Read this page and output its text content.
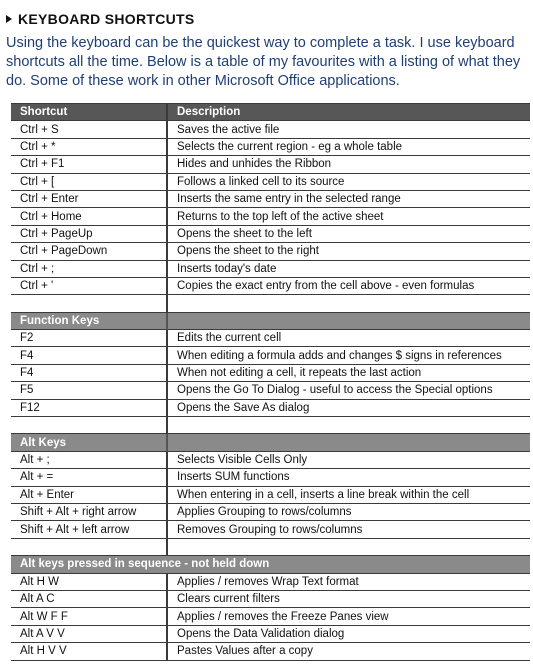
KEYBOARD SHORTCUTS
Using the keyboard can be the quickest way to complete a task. I use keyboard shortcuts all the time. Below is a table of my favourites with a listing of what they do. Some of these work in other Microsoft Office applications.
Shortcut	Description
Ctrl + S	Saves the active file
Ctrl + *	Selects the current region - eg a whole table
Ctrl + F1	Hides and unhides the Ribbon
Ctrl + [	Follows a linked cell to its source
Ctrl + Enter	Inserts the same entry in the selected range
Ctrl + Home	Returns to the top left of the active sheet
Ctrl + PageUp	Opens the sheet to the left
Ctrl + PageDown	Opens the sheet to the right
Ctrl + ;	Inserts today's date
Ctrl + '	Copies the exact entry from the cell above - even formulas

Function Keys	
F2	Edits the current cell
F4	When editing a formula adds and changes $ signs in references
F4	When not editing a cell, it repeats the last action
F5	Opens the Go To Dialog - useful to access the Special options
F12	Opens the Save As dialog

Alt Keys	
Alt + ;	Selects Visible Cells Only
Alt + =	Inserts SUM functions
Alt + Enter	When entering in a cell, inserts a line break within the cell
Shift + Alt + right arrow	Applies Grouping to rows/columns
Shift + Alt + left arrow	Removes Grouping to rows/columns

Alt keys pressed in sequence - not held down	
Alt H W	Applies / removes Wrap Text format
Alt A C	Clears current filters
Alt W F F	Applies / removes the Freeze Panes view
Alt A V V	Opens the Data Validation dialog
Alt H V V	Pastes Values after a copy
